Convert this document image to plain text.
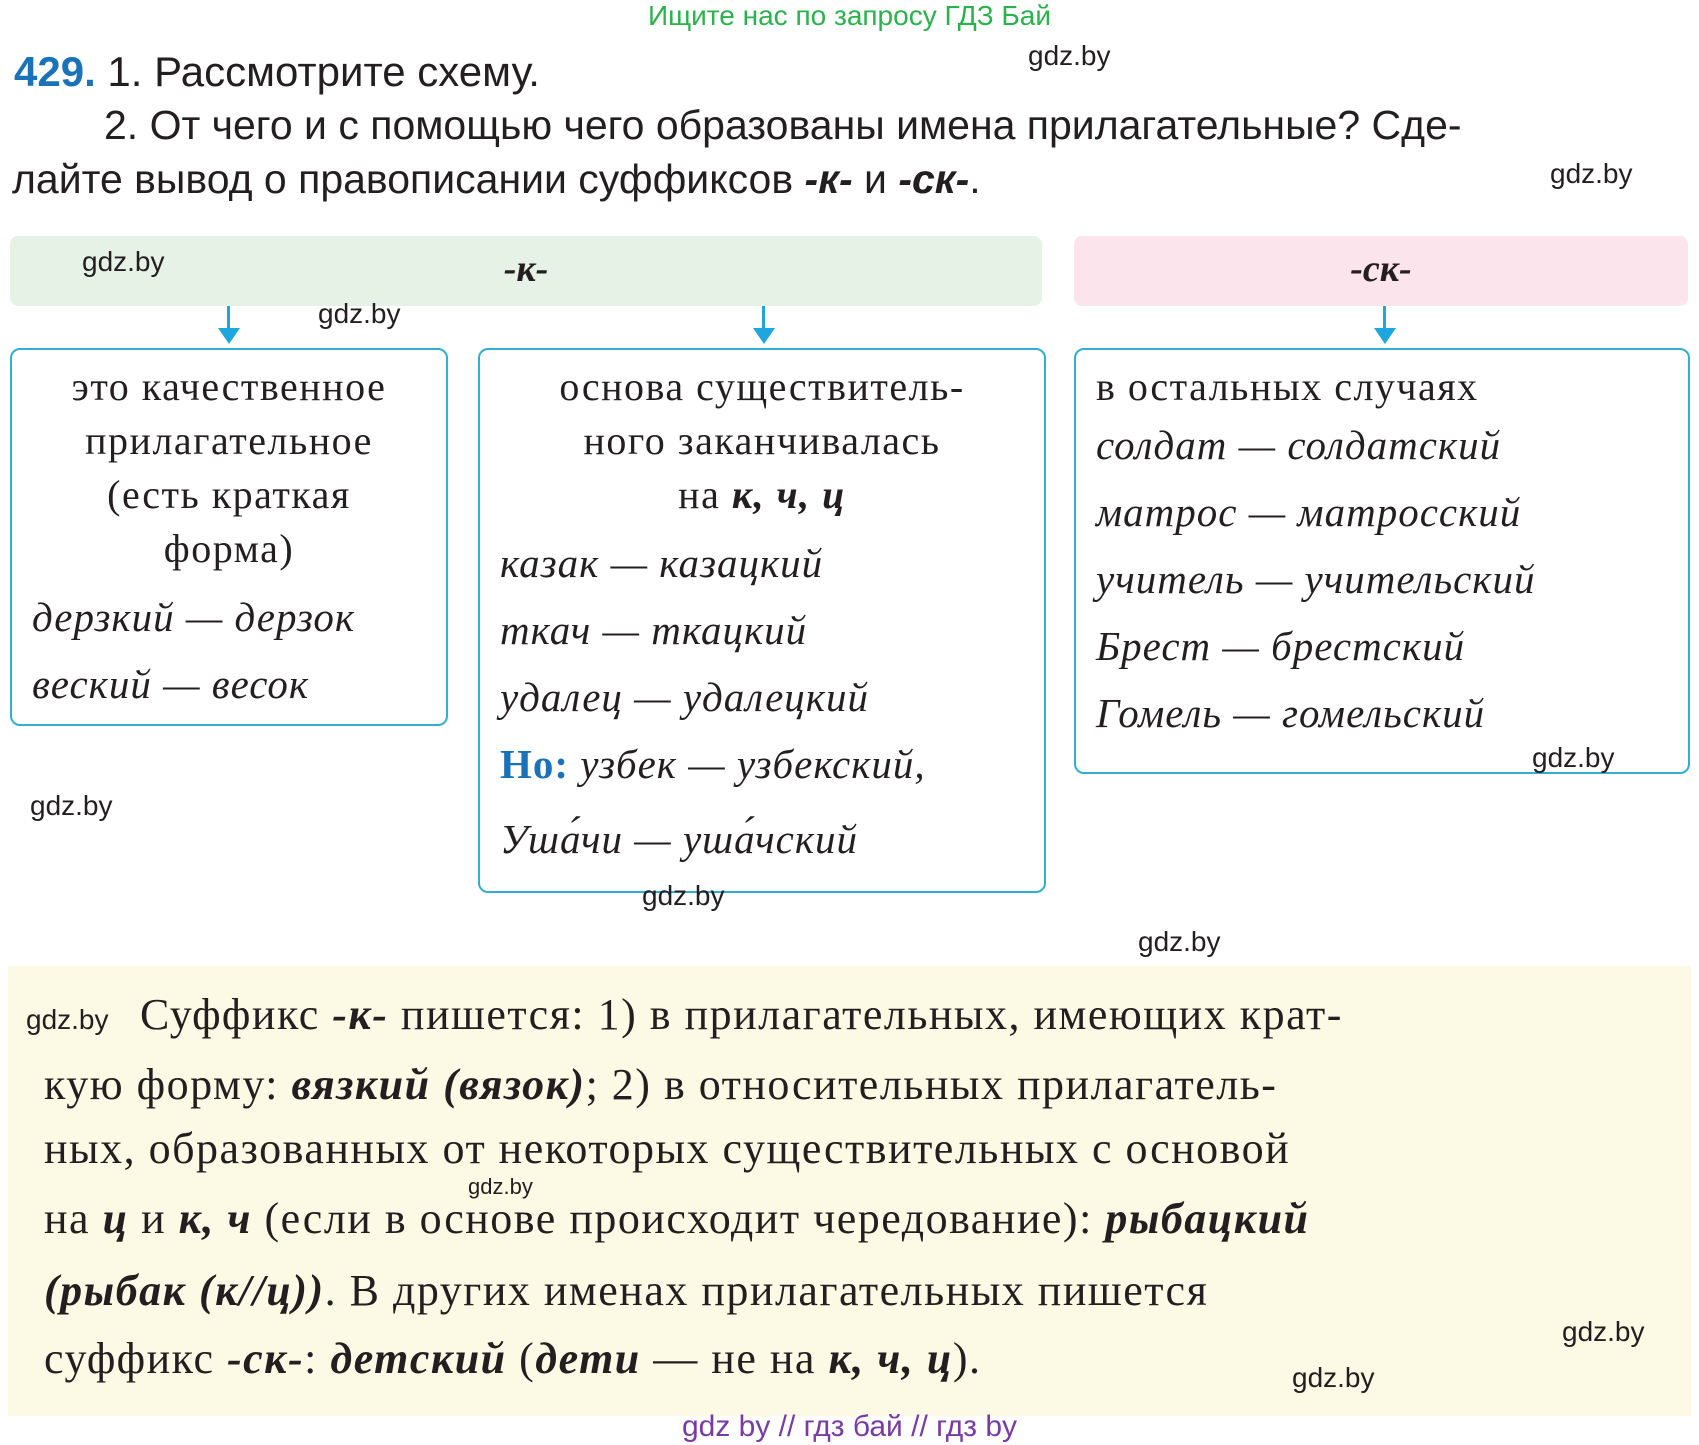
Ищите нас по запросу ГДЗ Бай
429. 1. Рассмотрите схему.
2. От чего и с помощью чего образованы имена прилагательные? Сде-
лайте вывод о правописании суффиксов -к- и -ск-.
-к-	-ск-
это качественное
прилагательное
(есть краткая
форма)
дерзкий — дерзок
веский — весок
основа существитель-
ного заканчивалась
на к, ч, ц
казак — казацкий
ткач — ткацкий
удалец — удалецкий
Но: узбек — узбекский,
Уша́чи — уша́чский
в остальных случаях
солдат — солдатский
матрос — матросский
учитель — учительский
Брест — брестский
Гомель — гомельский
Суффикс -к- пишется: 1) в прилагательных, имеющих крат-
кую форму: вязкий (вязок); 2) в относительных прилагатель-
ных, образованных от некоторых существительных с основой
на ц и к, ч (если в основе происходит чередование): рыбацкий
(рыбак (к//ц)). В других именах прилагательных пишется
суффикс -ск-: детский (дети — не на к, ч, ц).
gdz.by
gdz.by
gdz.by
gdz.by
gdz.by
gdz.by
gdz.by
gdz.by
gdz.by
gdz.by
gdz.by
gdz.by
gdz by // гдз бай // гдз by
